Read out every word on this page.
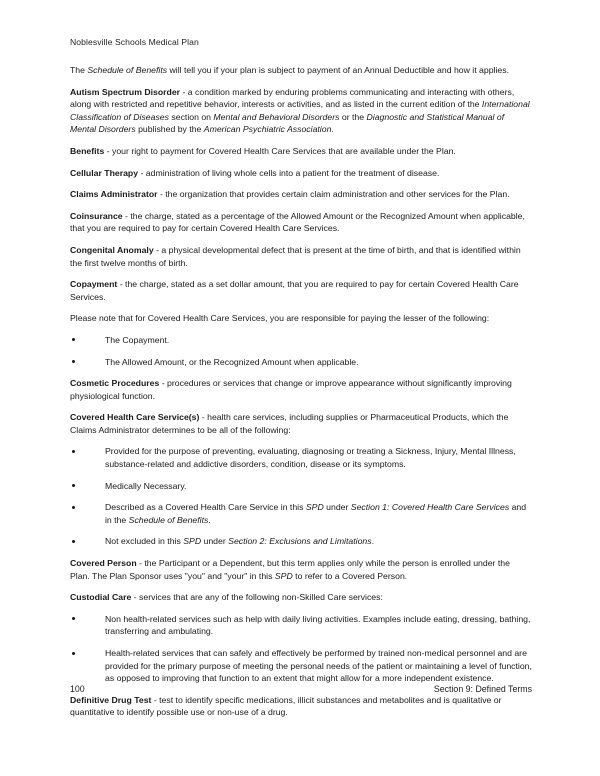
Noblesville Schools Medical Plan

The Schedule of Benefits will tell you if your plan is subject to payment of an Annual Deductible and how it applies.

Autism Spectrum Disorder - a condition marked by enduring problems communicating and interacting with others, along with restricted and repetitive behavior, interests or activities, and as listed in the current edition of the International Classification of Diseases section on Mental and Behavioral Disorders or the Diagnostic and Statistical Manual of Mental Disorders published by the American Psychiatric Association.

Benefits - your right to payment for Covered Health Care Services that are available under the Plan.

Cellular Therapy - administration of living whole cells into a patient for the treatment of disease.

Claims Administrator - the organization that provides certain claim administration and other services for the Plan.

Coinsurance - the charge, stated as a percentage of the Allowed Amount or the Recognized Amount when applicable, that you are required to pay for certain Covered Health Care Services.

Congenital Anomaly - a physical developmental defect that is present at the time of birth, and that is identified within the first twelve months of birth.

Copayment - the charge, stated as a set dollar amount, that you are required to pay for certain Covered Health Care Services.

Please note that for Covered Health Care Services, you are responsible for paying the lesser of the following:

The Copayment.
The Allowed Amount, or the Recognized Amount when applicable.

Cosmetic Procedures - procedures or services that change or improve appearance without significantly improving physiological function.

Covered Health Care Service(s) - health care services, including supplies or Pharmaceutical Products, which the Claims Administrator determines to be all of the following:

Provided for the purpose of preventing, evaluating, diagnosing or treating a Sickness, Injury, Mental Illness, substance-related and addictive disorders, condition, disease or its symptoms.
Medically Necessary.
Described as a Covered Health Care Service in this SPD under Section 1: Covered Health Care Services and in the Schedule of Benefits.
Not excluded in this SPD under Section 2: Exclusions and Limitations.

Covered Person - the Participant or a Dependent, but this term applies only while the person is enrolled under the Plan. The Plan Sponsor uses "you" and "your" in this SPD to refer to a Covered Person.

Custodial Care - services that are any of the following non-Skilled Care services:

Non health-related services such as help with daily living activities. Examples include eating, dressing, bathing, transferring and ambulating.
Health-related services that can safely and effectively be performed by trained non-medical personnel and are provided for the primary purpose of meeting the personal needs of the patient or maintaining a level of function, as opposed to improving that function to an extent that might allow for a more independent existence.

Definitive Drug Test - test to identify specific medications, illicit substances and metabolites and is qualitative or quantitative to identify possible use or non-use of a drug.

100	Section 9: Defined Terms
